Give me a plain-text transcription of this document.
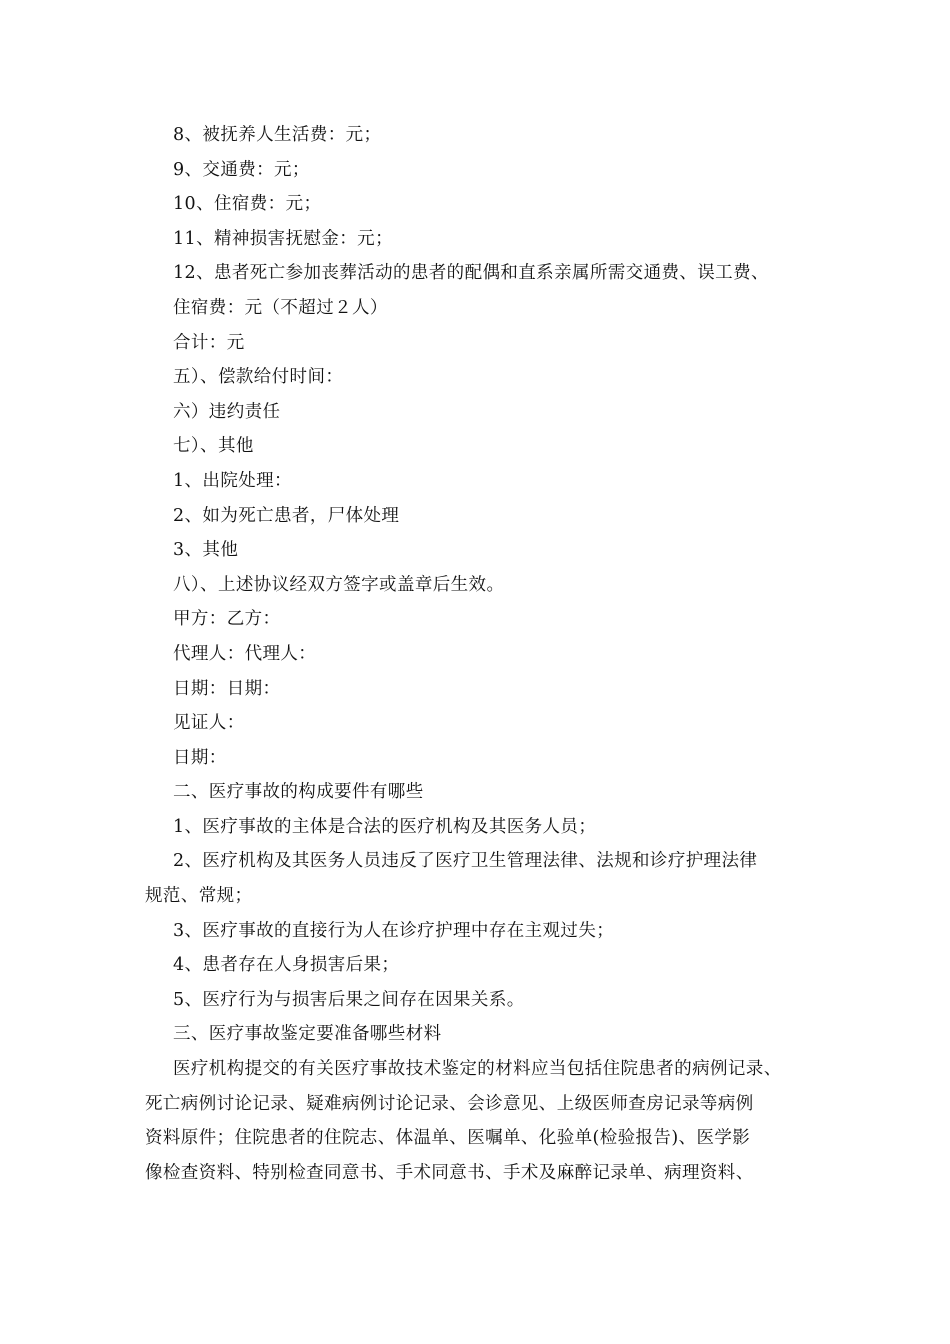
8、被抚养人生活费：元；
9、交通费：元；
10、住宿费：元；
11、精神损害抚慰金：元；
12、患者死亡参加丧葬活动的患者的配偶和直系亲属所需交通费、误工费、
住宿费：元（不超过２人）
合计：元
五）、偿款给付时间：
六）违约责任
七）、其他
1、出院处理：
2、如为死亡患者，尸体处理
3、其他
八）、上述协议经双方签字或盖章后生效。
甲方：乙方：
代理人：代理人：
日期：日期：
见证人：
日期：
二、医疗事故的构成要件有哪些
1、医疗事故的主体是合法的医疗机构及其医务人员；
2、医疗机构及其医务人员违反了医疗卫生管理法律、法规和诊疗护理法律
规范、常规；
3、医疗事故的直接行为人在诊疗护理中存在主观过失；
4、患者存在人身损害后果；
5、医疗行为与损害后果之间存在因果关系。
三、医疗事故鉴定要准备哪些材料
医疗机构提交的有关医疗事故技术鉴定的材料应当包括住院患者的病例记录、
死亡病例讨论记录、疑难病例讨论记录、会诊意见、上级医师查房记录等病例
资料原件；住院患者的住院志、体温单、医嘱单、化验单(检验报告)、医学影
像检查资料、特别检查同意书、手术同意书、手术及麻醉记录单、病理资料、
